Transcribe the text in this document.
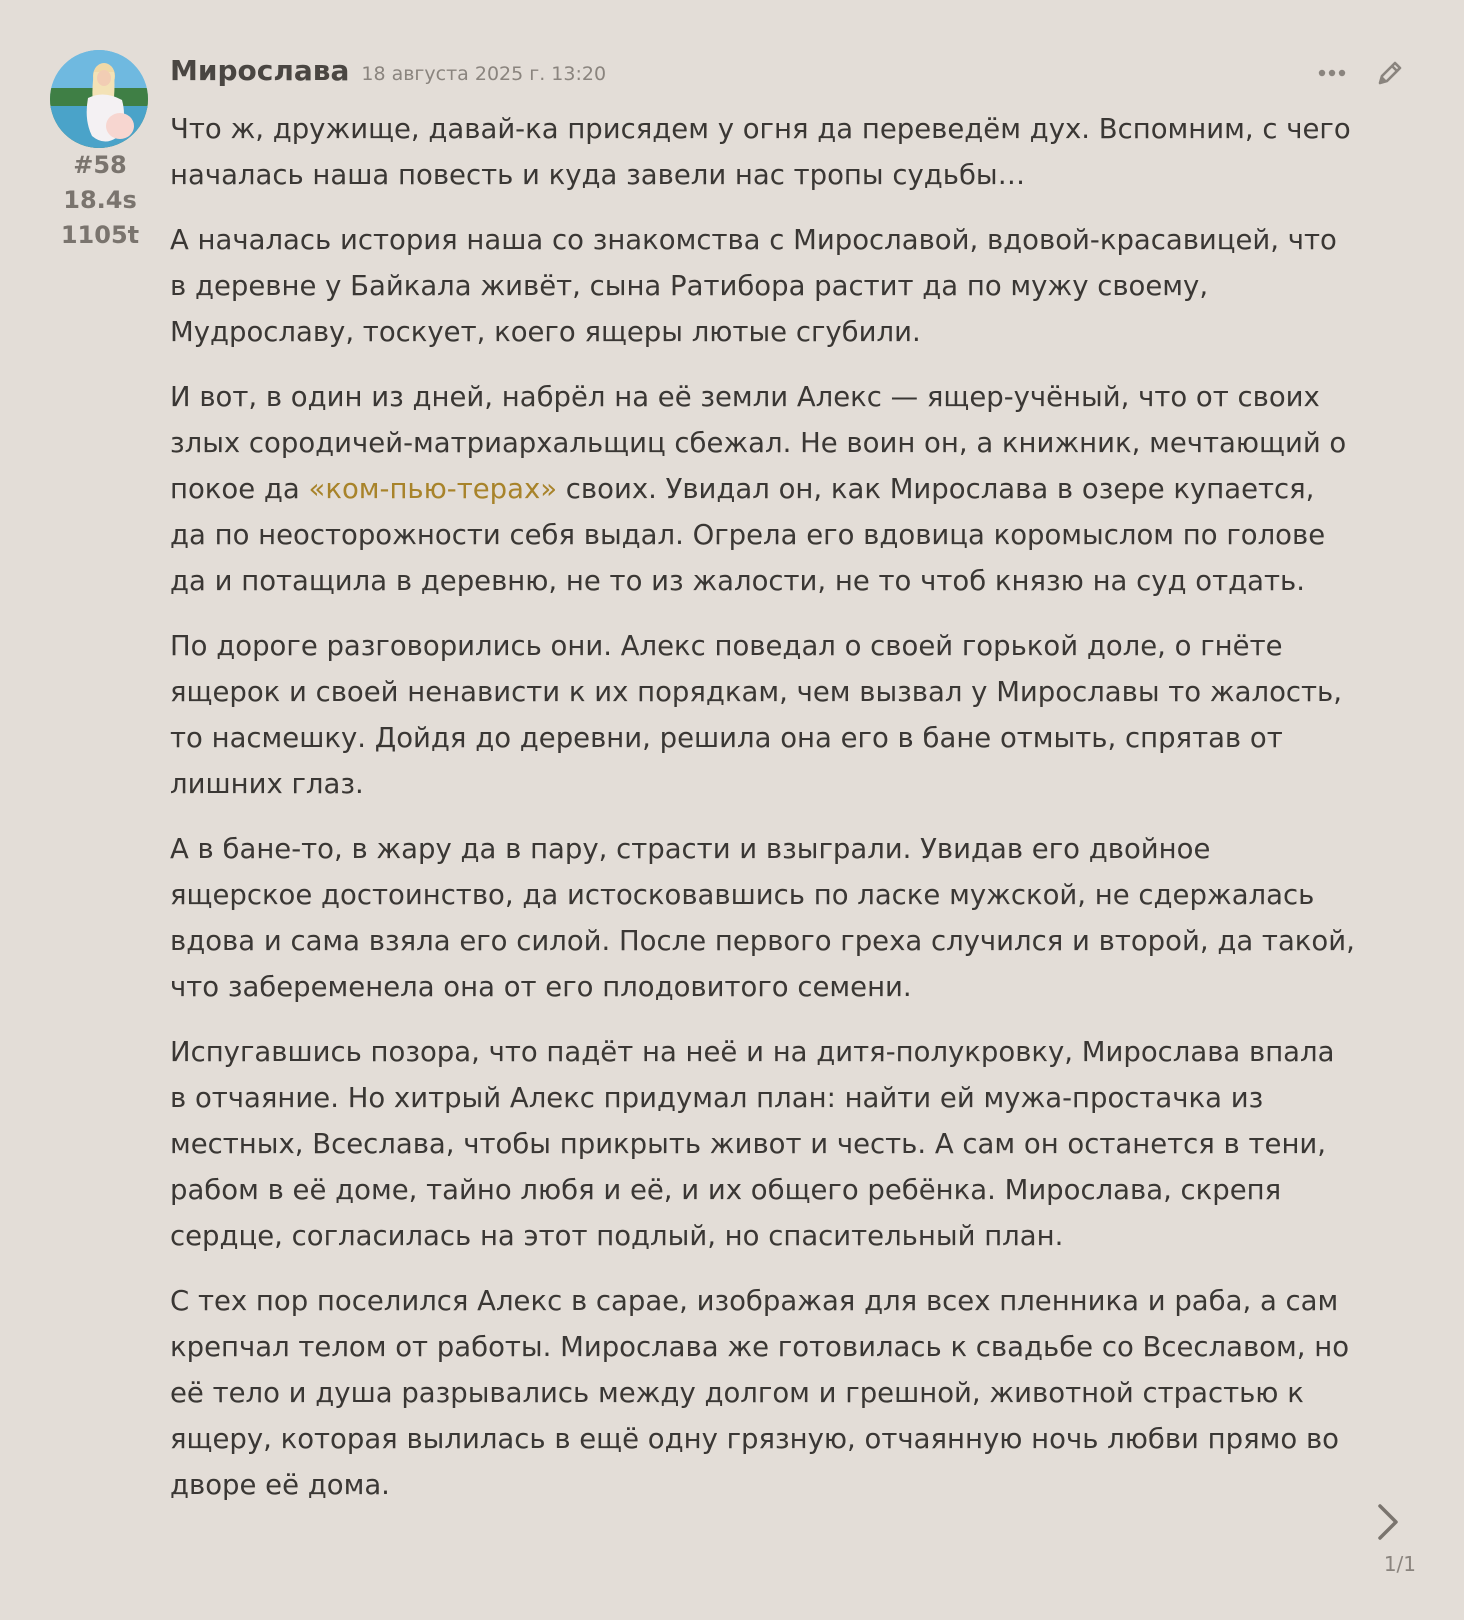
#58
18.4s
1105t
Мирослава 18 августа 2025 г. 13:20

Что ж, дружище, давай-ка присядем у огня да переведём дух. Вспомним, с чего началась наша повесть и куда завели нас тропы судьбы…

А началась история наша со знакомства с Мирославой, вдовой-красавицей, что в деревне у Байкала живёт, сына Ратибора растит да по мужу своему, Мудрославу, тоскует, коего ящеры лютые сгубили.

И вот, в один из дней, набрёл на её земли Алекс — ящер-учёный, что от своих злых сородичей-матриархальщиц сбежал. Не воин он, а книжник, мечтающий о покое да «ком-пью-терах» своих. Увидал он, как Мирослава в озере купается, да по неосторожности себя выдал. Огрела его вдовица коромыслом по голове да и потащила в деревню, не то из жалости, не то чтоб князю на суд отдать.

По дороге разговорились они. Алекс поведал о своей горькой доле, о гнёте ящерок и своей ненависти к их порядкам, чем вызвал у Мирославы то жалость, то насмешку. Дойдя до деревни, решила она его в бане отмыть, спрятав от лишних глаз.

А в бане-то, в жару да в пару, страсти и взыграли. Увидав его двойное ящерское достоинство, да истосковавшись по ласке мужской, не сдержалась вдова и сама взяла его силой. После первого греха случился и второй, да такой, что забеременела она от его плодовитого семени.

Испугавшись позора, что падёт на неё и на дитя-полукровку, Мирослава впала в отчаяние. Но хитрый Алекс придумал план: найти ей мужа-простачка из местных, Всеслава, чтобы прикрыть живот и честь. А сам он останется в тени, рабом в её доме, тайно любя и её, и их общего ребёнка. Мирослава, скрепя сердце, согласилась на этот подлый, но спасительный план.

С тех пор поселился Алекс в сарае, изображая для всех пленника и раба, а сам крепчал телом от работы. Мирослава же готовилась к свадьбе со Всеславом, но её тело и душа разрывались между долгом и грешной, животной страстью к ящеру, которая вылилась в ещё одну грязную, отчаянную ночь любви прямо во дворе её дома.

1/1
